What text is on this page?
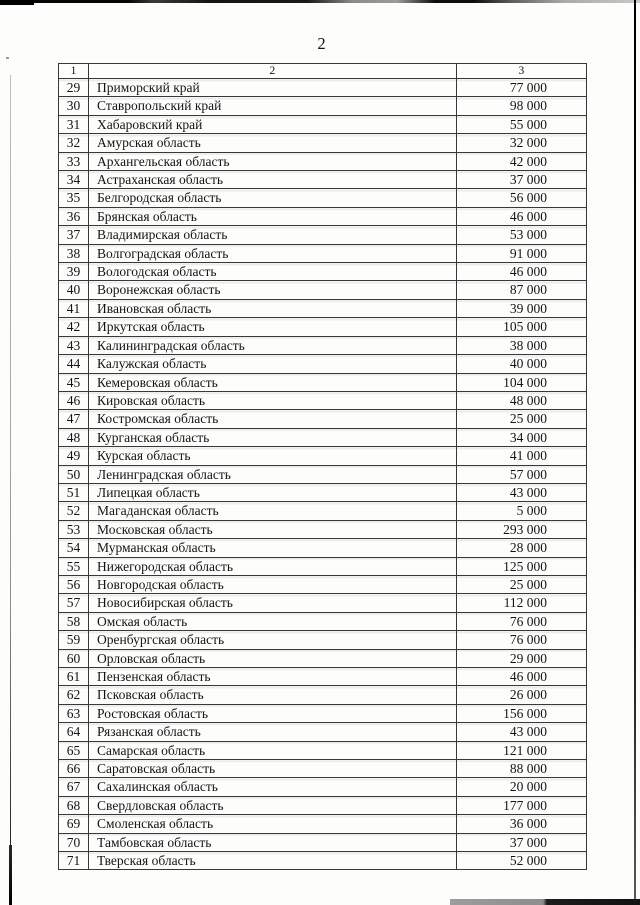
2
1	2	3
29	Приморский край	77 000
30	Ставропольский край	98 000
31	Хабаровский край	55 000
32	Амурская область	32 000
33	Архангельская область	42 000
34	Астраханская область	37 000
35	Белгородская область	56 000
36	Брянская область	46 000
37	Владимирская область	53 000
38	Волгоградская область	91 000
39	Вологодская область	46 000
40	Воронежская область	87 000
41	Ивановская область	39 000
42	Иркутская область	105 000
43	Калининградская область	38 000
44	Калужская область	40 000
45	Кемеровская область	104 000
46	Кировская область	48 000
47	Костромская область	25 000
48	Курганская область	34 000
49	Курская область	41 000
50	Ленинградская область	57 000
51	Липецкая область	43 000
52	Магаданская область	5 000
53	Московская область	293 000
54	Мурманская область	28 000
55	Нижегородская область	125 000
56	Новгородская область	25 000
57	Новосибирская область	112 000
58	Омская область	76 000
59	Оренбургская область	76 000
60	Орловская область	29 000
61	Пензенская область	46 000
62	Псковская область	26 000
63	Ростовская область	156 000
64	Рязанская область	43 000
65	Самарская область	121 000
66	Саратовская область	88 000
67	Сахалинская область	20 000
68	Свердловская область	177 000
69	Смоленская область	36 000
70	Тамбовская область	37 000
71	Тверская область	52 000
